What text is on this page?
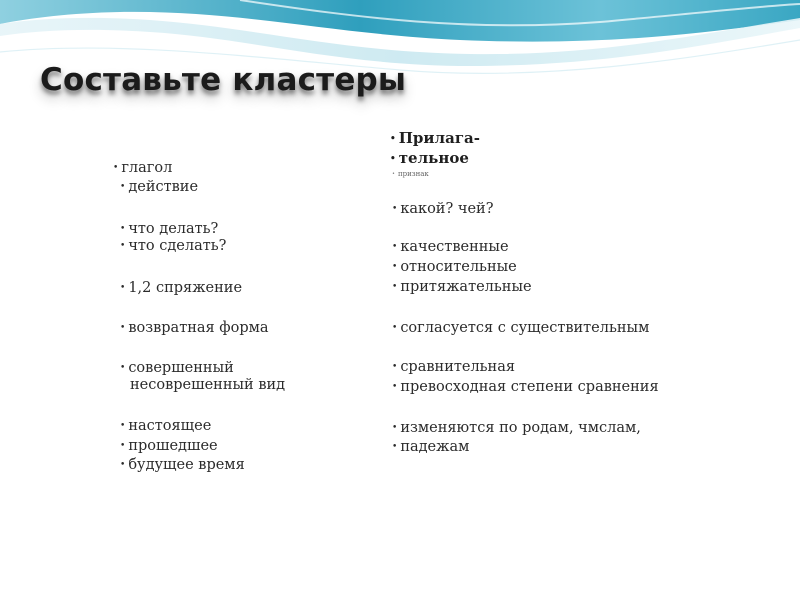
Составьте кластеры
• глагол
• действие
• что делать?
• что сделать?
• 1,2 спряжение
• возвратная форма
• совершенный
несоврешенный вид
• настоящее
• прошедшее
• будущее время
• Прилага-
• тельное
• признак
• какой? чей?
• качественные
• относительные
• притяжательные
• согласуется с существительным
• сравнительная
• превосходная степени сравнения
• изменяются по родам, чмслам,
• падежам
